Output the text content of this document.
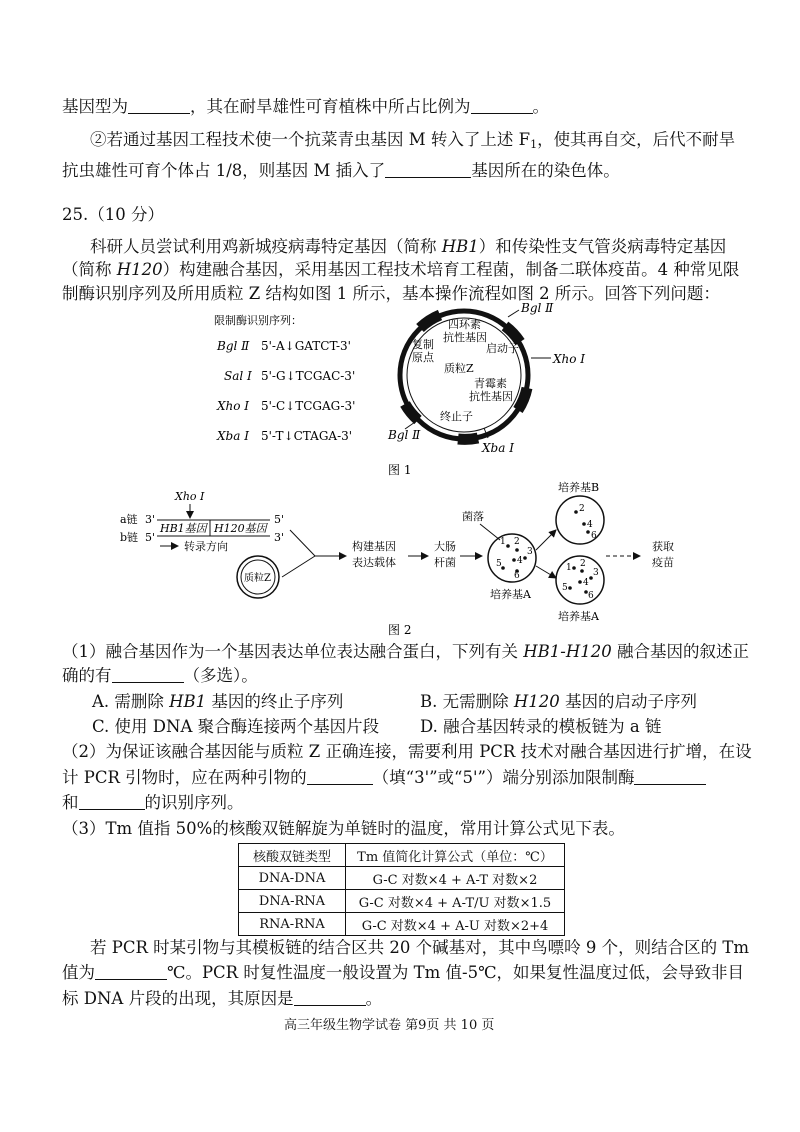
基因型为	，其在耐旱雄性可育植株中所占比例为	。
②若通过基因工程技术使一个抗菜青虫基因 M 转入了上述 $F_1$，使其再自交，后代不耐旱
抗虫雄性可育个体占 1/8，则基因 M 插入了	基因所在的染色体。
25.（10 分）
科研人员尝试利用鸡新城疫病毒特定基因（简称 HB1）和传染性支气管炎病毒特定基因
（简称 H120）构建融合基因，采用基因工程技术培育工程菌，制备二联体疫苗。4 种常见限
制酶识别序列及所用质粒 Z 结构如图 1 所示，基本操作流程如图 2 所示。回答下列问题：
限制酶识别序列：
Bgl Ⅱ 5'-A↓GATCT-3'
Sal Ⅰ 5'-G↓TCGAC-3'
Xho Ⅰ 5'-C↓TCGAG-3'
Xba Ⅰ 5'-T↓CTAGA-3'
四环素
抗性基因
启动子
复制
原点
质粒Z
青霉素
抗性基因
终止子
Bgl Ⅱ
Xho Ⅰ
Bgl Ⅱ
Xba Ⅰ
图 1
Xho Ⅰ
a链 3'
b链 5'
HB1基因 H120基因
5'
3'
转录方向
质粒Z
构建基因
表达载体
大肠
杆菌
菌落
1 2
3
4
5
6
培养基A
培养基B
2
4
6
1 2
3
4
5
6
培养基A
获取
疫苗
图 2
（1）融合基因作为一个基因表达单位表达融合蛋白，下列有关 HB1-H120 融合基因的叙述正
确的有	（多选）。
A. 需删除 HB1 基因的终止子序列	B. 无需删除 H120 基因的启动子序列
C. 使用 DNA 聚合酶连接两个基因片段 D. 融合基因转录的模板链为 a 链
（2）为保证该融合基因能与质粒 Z 正确连接，需要利用 PCR 技术对融合基因进行扩增，在设
计 PCR 引物时，应在两种引物的	（填“3'”或“5'”）端分别添加限制酶
和	的识别序列。
（3）Tm 值指 50%的核酸双链解旋为单链时的温度，常用计算公式见下表。
核酸双链类型	Tm 值简化计算公式（单位：℃）
DNA-DNA	G-C 对数×4 + A-T 对数×2
DNA-RNA	G-C 对数×4 + A-T/U 对数×1.5
RNA-RNA	G-C 对数×4 + A-U 对数×2+4
若 PCR 时某引物与其模板链的结合区共 20 个碱基对，其中鸟嘌呤 9 个，则结合区的 Tm
值为	℃。PCR 时复性温度一般设置为 Tm 值-5℃，如果复性温度过低，会导致非目
标 DNA 片段的出现，其原因是	。
高三年级生物学试卷 第9页 共 10 页
